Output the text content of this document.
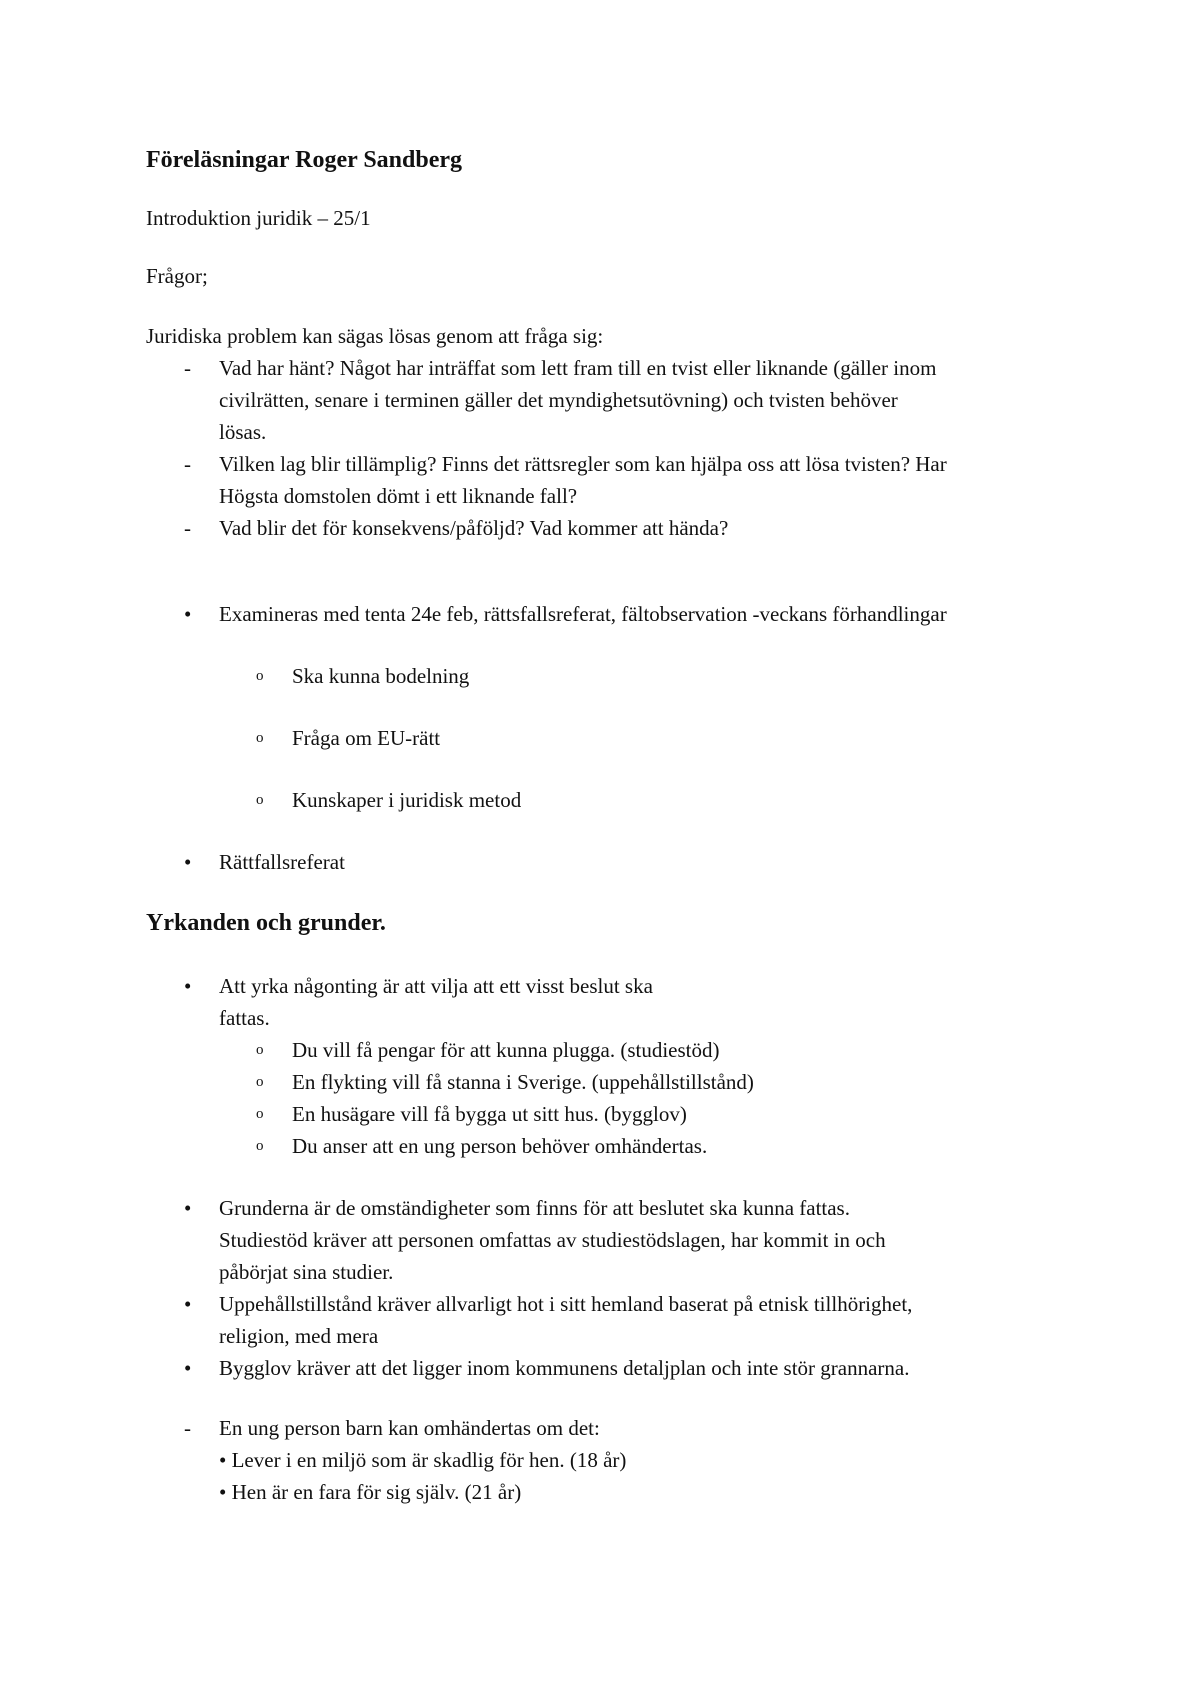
Föreläsningar Roger Sandberg

Introduktion juridik – 25/1

Frågor;

Juridiska problem kan sägas lösas genom att fråga sig:

- Vad har hänt? Något har inträffat som lett fram till en tvist eller liknande (gäller inom
civilrätten, senare i terminen gäller det myndighetsutövning) och tvisten behöver
lösas.
- Vilken lag blir tillämplig? Finns det rättsregler som kan hjälpa oss att lösa tvisten? Har
Högsta domstolen dömt i ett liknande fall?
- Vad blir det för konsekvens/påföljd? Vad kommer att hända?
• Examineras med tenta 24e feb, rättsfallsreferat, fältobservation -veckans förhandlingar
o Ska kunna bodelning
o Fråga om EU-rätt
o Kunskaper i juridisk metod
• Rättfallsreferat

Yrkanden och grunder.

• Att yrka någonting är att vilja att ett visst beslut ska
fattas.
o Du vill få pengar för att kunna plugga. (studiestöd)
o En flykting vill få stanna i Sverige. (uppehållstillstånd)
o En husägare vill få bygga ut sitt hus. (bygglov)
o Du anser att en ung person behöver omhändertas.
• Grunderna är de omständigheter som finns för att beslutet ska kunna fattas.
Studiestöd kräver att personen omfattas av studiestödslagen, har kommit in och
påbörjat sina studier.
• Uppehållstillstånd kräver allvarligt hot i sitt hemland baserat på etnisk tillhörighet,
religion, med mera
• Bygglov kräver att det ligger inom kommunens detaljplan och inte stör grannarna.
- En ung person barn kan omhändertas om det:
• Lever i en miljö som är skadlig för hen. (18 år)
• Hen är en fara för sig själv. (21 år)
